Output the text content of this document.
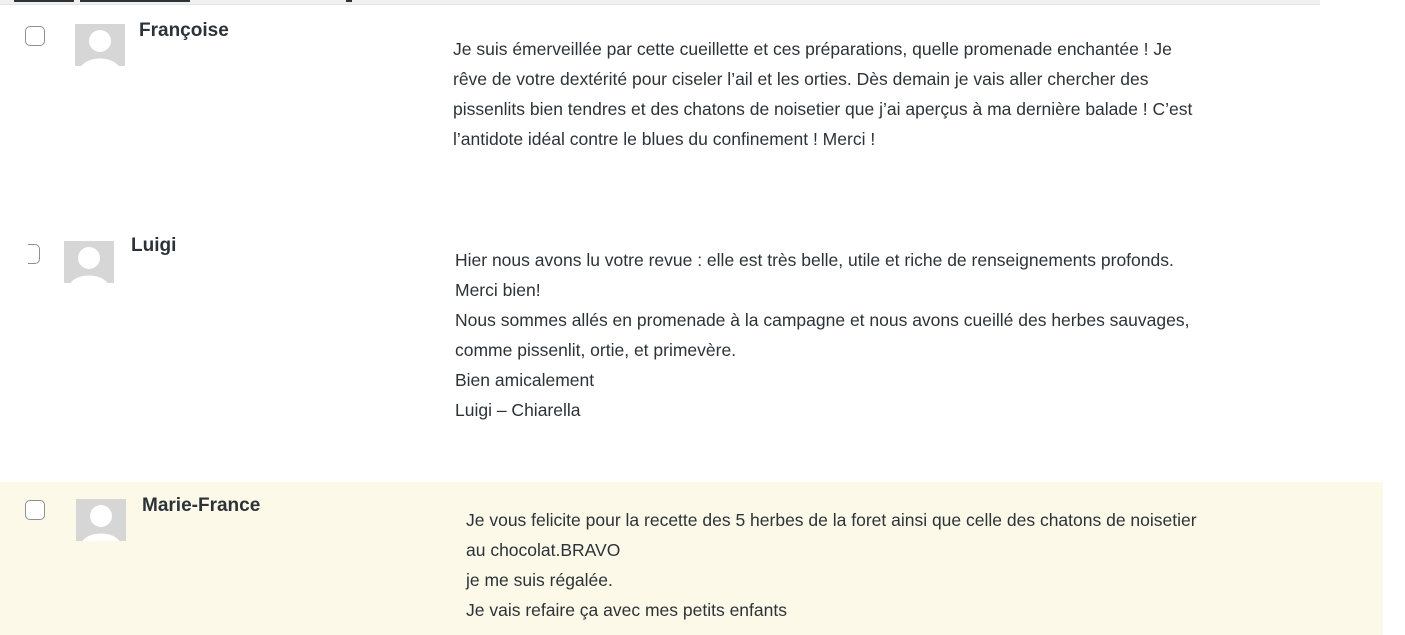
Françoise
Je suis émerveillée par cette cueillette et ces préparations, quelle promenade enchantée ! Je
rêve de votre dextérité pour ciseler l’ail et les orties. Dès demain je vais aller chercher des
pissenlits bien tendres et des chatons de noisetier que j’ai aperçus à ma dernière balade ! C’est
l’antidote idéal contre le blues du confinement ! Merci !
Luigi
Hier nous avons lu votre revue : elle est très belle, utile et riche de renseignements profonds.
Merci bien!
Nous sommes allés en promenade à la campagne et nous avons cueillé des herbes sauvages,
comme pissenlit, ortie, et primevère.
Bien amicalement
Luigi – Chiarella
Marie-France
Je vous felicite pour la recette des 5 herbes de la foret ainsi que celle des chatons de noisetier
au chocolat.BRAVO
je me suis régalée.
Je vais refaire ça avec mes petits enfants
